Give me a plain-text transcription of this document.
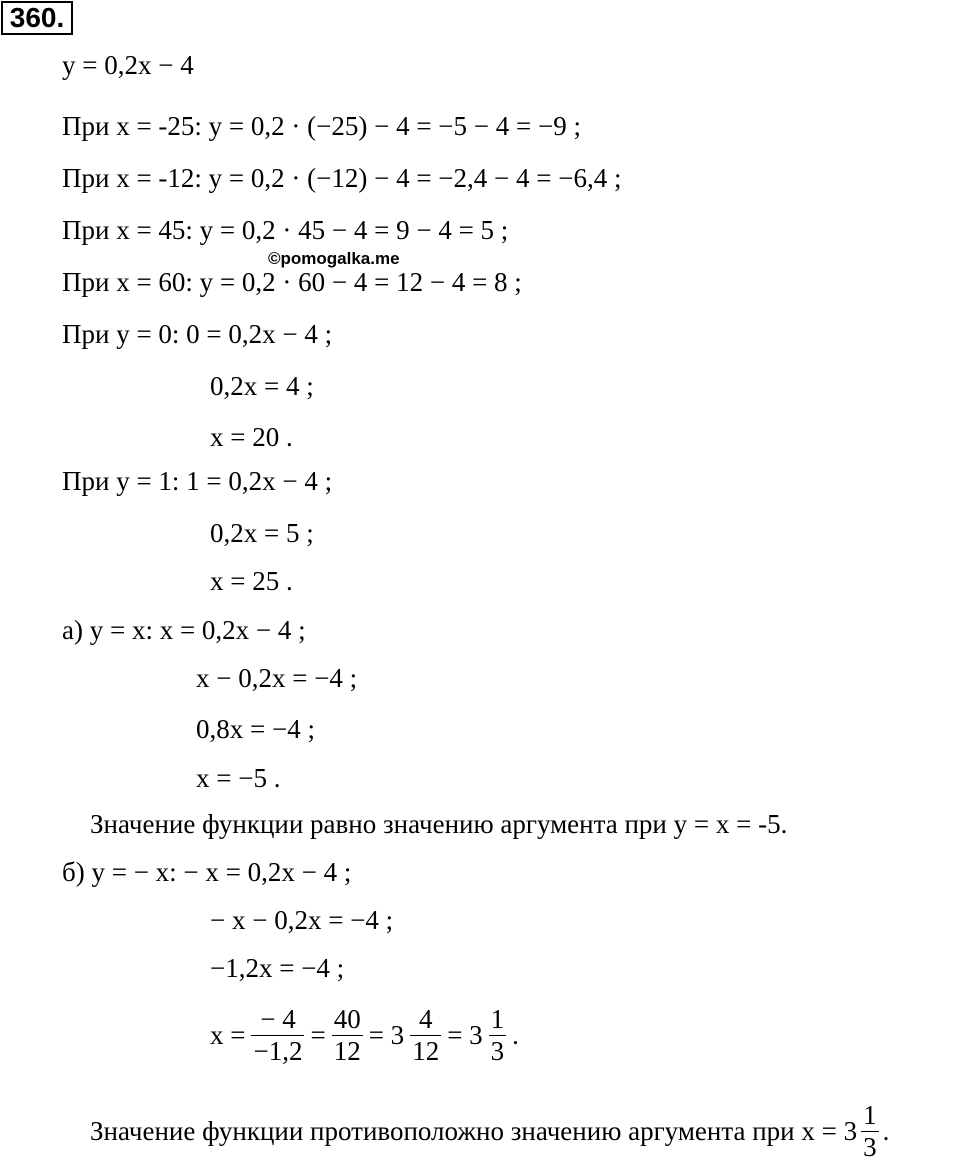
360.
y = 0,2x − 4
При x = -25: y = 0,2 · (−25) − 4 = −5 − 4 = −9 ;
При x = -12: y = 0,2 · (−12) − 4 = −2,4 − 4 = −6,4 ;
При x = 45: y = 0,2 · 45 − 4 = 9 − 4 = 5 ;
©pomogalka.me
При x = 60: y = 0,2 · 60 − 4 = 12 − 4 = 8 ;
При y = 0: 0 = 0,2x − 4 ;
0,2x = 4 ;
x = 20 .
При y = 1: 1 = 0,2x − 4 ;
0,2x = 5 ;
x = 25 .
а) y = x: x = 0,2x − 4 ;
x − 0,2x = −4 ;
0,8x = −4 ;
x = −5 .
Значение функции равно значению аргумента при y = x = -5.
б) y = − x: − x = 0,2x − 4 ;
− x − 0,2x = −4 ;
−1,2x = −4 ;
$x = \frac{- 4}{-1,2} = \frac{40}{12} = 3 \frac{4}{12} = 3 \frac{1}{3}$ .
Значение функции противоположно значению аргумента при $x = 3 \frac{1}{3}$ .
